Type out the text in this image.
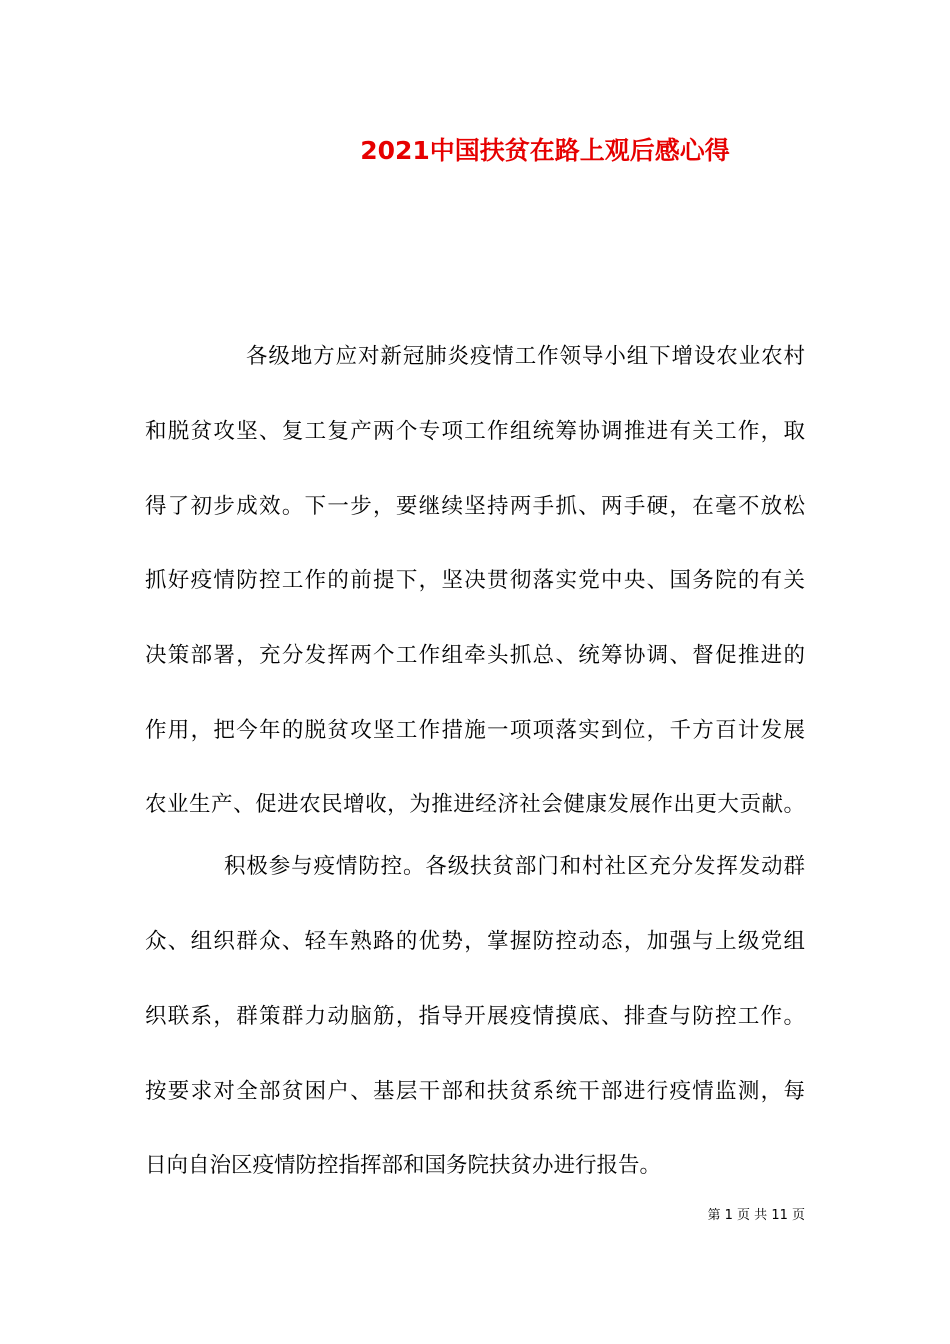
2021中国扶贫在路上观后感心得
各级地方应对新冠肺炎疫情工作领导小组下增设农业农村
和脱贫攻坚、复工复产两个专项工作组统筹协调推进有关工作，取
得了初步成效。下一步，要继续坚持两手抓、两手硬，在毫不放松
抓好疫情防控工作的前提下，坚决贯彻落实党中央、国务院的有关
决策部署，充分发挥两个工作组牵头抓总、统筹协调、督促推进的
作用，把今年的脱贫攻坚工作措施一项项落实到位，千方百计发展
农业生产、促进农民增收，为推进经济社会健康发展作出更大贡献。
积极参与疫情防控。各级扶贫部门和村社区充分发挥发动群
众、组织群众、轻车熟路的优势，掌握防控动态，加强与上级党组
织联系，群策群力动脑筋，指导开展疫情摸底、排查与防控工作。
按要求对全部贫困户、基层干部和扶贫系统干部进行疫情监测，每
日向自治区疫情防控指挥部和国务院扶贫办进行报告。
第 1 页 共 11 页
